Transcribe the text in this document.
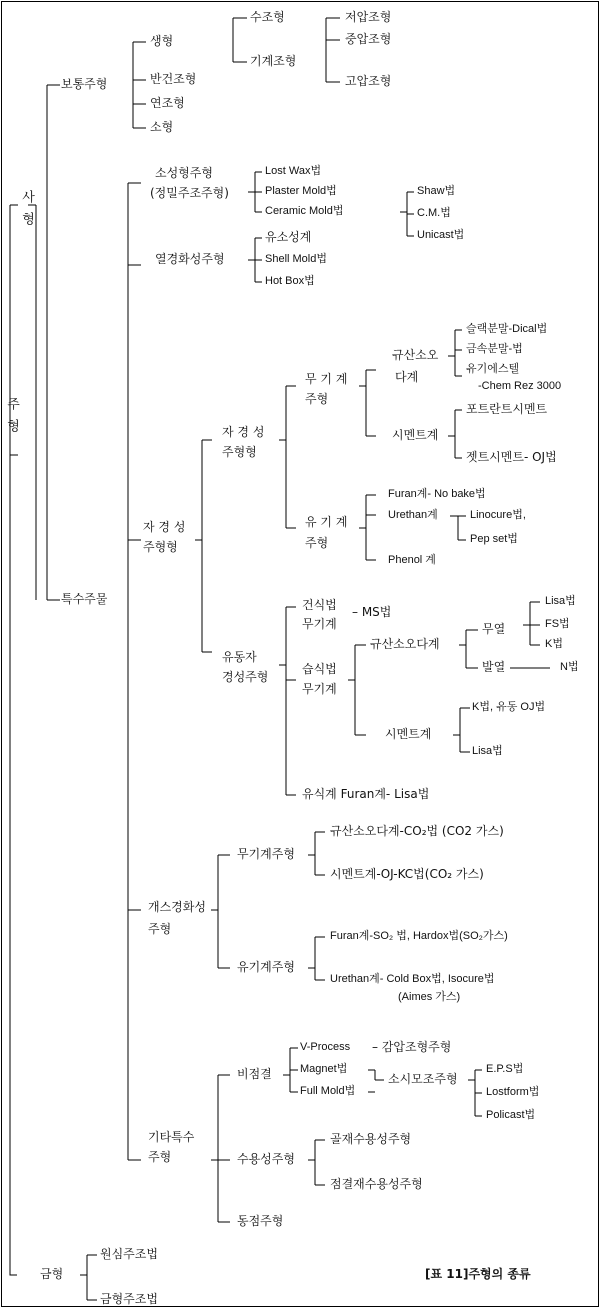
사
형
주
형
보통주형
생형
수조형
기계조형
저압조형
중압조형
고압조형
반건조형
연조형
소형
특수주물
소성형주형
(정밀주조주형)
Lost Wax법
Plaster Mold법
Ceramic Mold법
Shaw법
C.M.법
Unicast법
열경화성주형
유소성계
Shell Mold법
Hot Box법
자 경 성
주형형
자 경 성
주형형
무 기 계
주형
규산소오
다계
슬랙분말-Dical법
금속분말-법
유기에스텔
-Chem Rez 3000
시멘트계
포트란트시멘트
젯트시멘트- OJ법
유 기 계
주형
Furan계- No bake법
Urethan계	Linocure법,
Pep set법
Phenol 계
유동자
경성주형
건식법
무기계
– MS법
습식법
무기계
규산소오다계
무열
Lisa법
FS법
K법
발열	N법
시멘트계
K법, 유동 OJ법
Lisa법
유식계 Furan계- Lisa법
개스경화성
주형
무기계주형
규산소오다계-CO₂법 (CO2 가스)
시멘트계-OJ-KC법(CO₂ 가스)
유기계주형
Furan계-SO₂ 법, Hardox법(SO₂가스)
Urethan계- Cold Box법, Isocure법
(Aimes 가스)
기타특수
주형
비점결
V-Process – 감압조형주형
Magnet법
Full Mold법
소시모조주형
E.P.S법
Lostform법
Policast법
수용성주형
골재수용성주형
점결재수용성주형
동점주형
금형
원심주조법
금형주조법
[표 11]주형의 종류
